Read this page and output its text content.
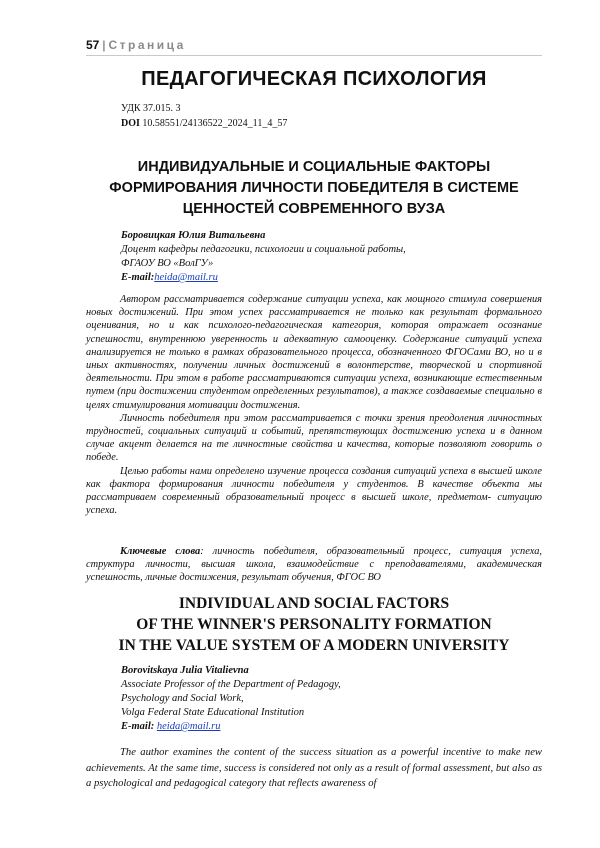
57 | Страница
ПЕДАГОГИЧЕСКАЯ ПСИХОЛОГИЯ
УДК 37.015. 3
DOI 10.58551/24136522_2024_11_4_57
ИНДИВИДУАЛЬНЫЕ И СОЦИАЛЬНЫЕ ФАКТОРЫ
ФОРМИРОВАНИЯ ЛИЧНОСТИ ПОБЕДИТЕЛЯ В СИСТЕМЕ
ЦЕННОСТЕЙ СОВРЕМЕННОГО ВУЗА
Боровицкая Юлия Витальевна
Доцент кафедры педагогики, психологии и социальной работы,
ФГАОУ ВО «ВолГУ»
E-mail:heida@mail.ru

Автором рассматривается содержание ситуации успеха, как мощного стимула совершения новых достижений. При этом успех рассматривается не только как результат формального оценивания, но и как психолого-педагогическая категория, которая отражает осознание успешности, внутреннюю уверенность и адекватную самооценку. Содержание ситуаций успеха анализируется не только в рамках образовательного процесса, обозначенного ФГОСами ВО, но и в иных активностях, получении личных достижений в волонтерстве, творческой и спортивной деятельности. При этом в работе рассматриваются ситуации успеха, возникающие естественным путем (при достижении студентом определенных результатов), а также создаваемые специально в целях стимулирования мотивации достижения.

Личность победителя при этом рассматривается с точки зрения преодоления личностных трудностей, социальных ситуаций и событий, препятствующих достижению успеха и в данном случае акцент делается на те личностные свойства и качества, которые позволяют говорить о победе.

Целью работы нами определено изучение процесса создания ситуаций успеха в высшей школе как фактора формирования личности победителя у студентов. В качестве объекта мы рассматриваем современный образовательный процесс в высшей школе, предметом- ситуацию успеха.

Ключевые слова: личность победителя, образовательный процесс, ситуация успеха, структура личности, высшая школа, взаимодействие с преподавателями, академическая успешность, личные достижения, результат обучения, ФГОС ВО
INDIVIDUAL AND SOCIAL FACTORS
OF THE WINNER'S PERSONALITY FORMATION
IN THE VALUE SYSTEM OF A MODERN UNIVERSITY
Borovitskaya Julia Vitalievna
Associate Professor of the Department of Pedagogy,
Psychology and Social Work,
Volga Federal State Educational Institution
E-mail: heida@mail.ru

The author examines the content of the success situation as a powerful incentive to make new achievements. At the same time, success is considered not only as a result of formal assessment, but also as a psychological and pedagogical category that reflects awareness of
